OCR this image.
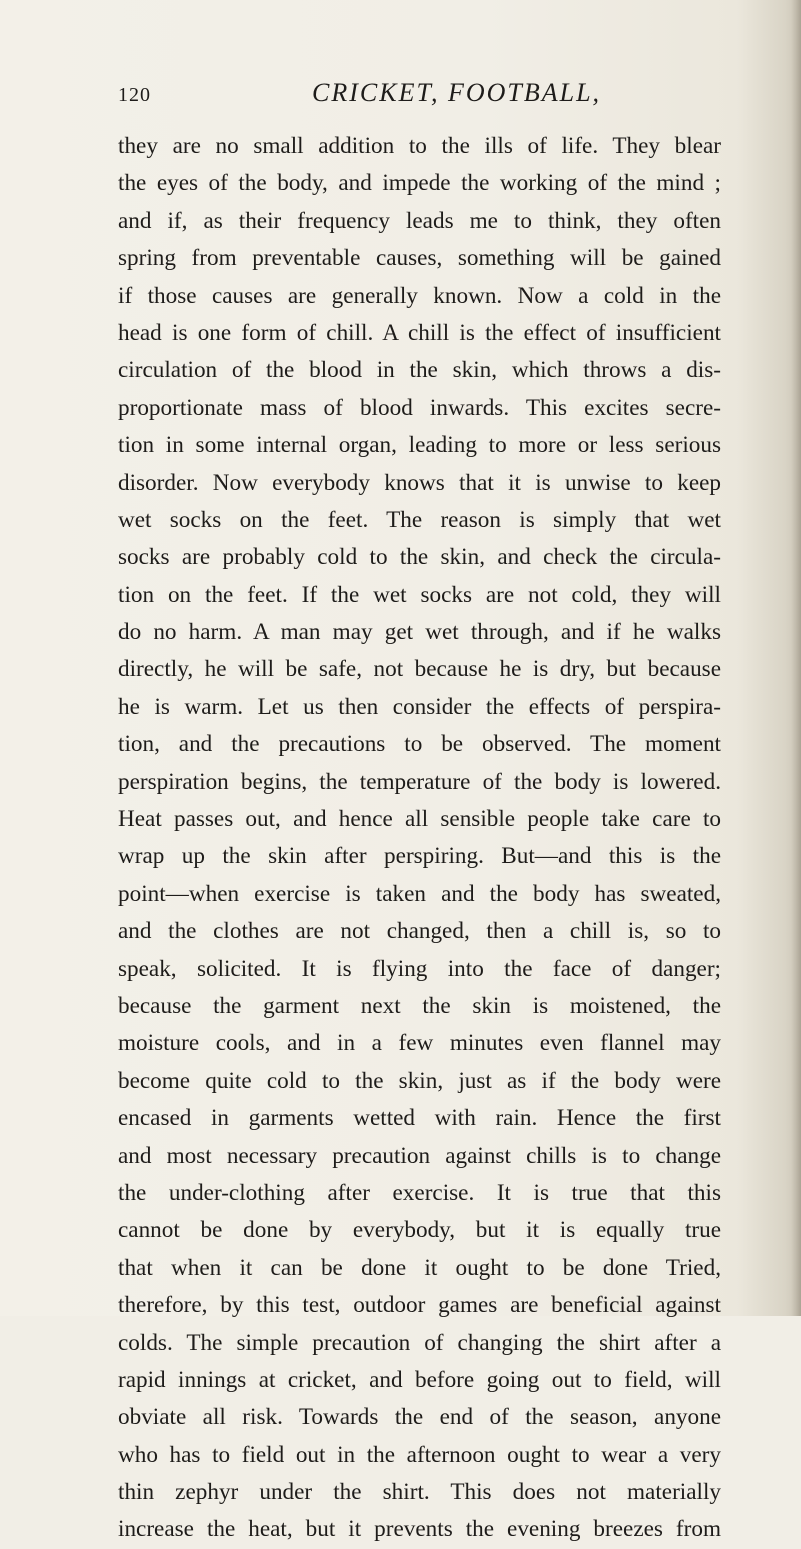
120	CRICKET, FOOTBALL,
they are no small addition to the ills of life. They blear
the eyes of the body, and impede the working of the mind ;
and if, as their frequency leads me to think, they often
spring from preventable causes, something will be gained
if those causes are generally known. Now a cold in the
head is one form of chill. A chill is the effect of insufficient
circulation of the blood in the skin, which throws a dis-
proportionate mass of blood inwards. This excites secre-
tion in some internal organ, leading to more or less serious
disorder. Now everybody knows that it is unwise to keep
wet socks on the feet. The reason is simply that wet
socks are probably cold to the skin, and check the circula-
tion on the feet. If the wet socks are not cold, they will
do no harm. A man may get wet through, and if he walks
directly, he will be safe, not because he is dry, but because
he is warm. Let us then consider the effects of perspira-
tion, and the precautions to be observed. The moment
perspiration begins, the temperature of the body is lowered.
Heat passes out, and hence all sensible people take care to
wrap up the skin after perspiring. But—and this is the
point—when exercise is taken and the body has sweated,
and the clothes are not changed, then a chill is, so to
speak, solicited. It is flying into the face of danger;
because the garment next the skin is moistened, the
moisture cools, and in a few minutes even flannel may
become quite cold to the skin, just as if the body were
encased in garments wetted with rain. Hence the first
and most necessary precaution against chills is to change
the under-clothing after exercise. It is true that this
cannot be done by everybody, but it is equally true
that when it can be done it ought to be done Tried,
therefore, by this test, outdoor games are beneficial against
colds. The simple precaution of changing the shirt after a
rapid innings at cricket, and before going out to field, will
obviate all risk. Towards the end of the season, anyone
who has to field out in the afternoon ought to wear a very
thin zephyr under the shirt. This does not materially
increase the heat, but it prevents the evening breezes from
